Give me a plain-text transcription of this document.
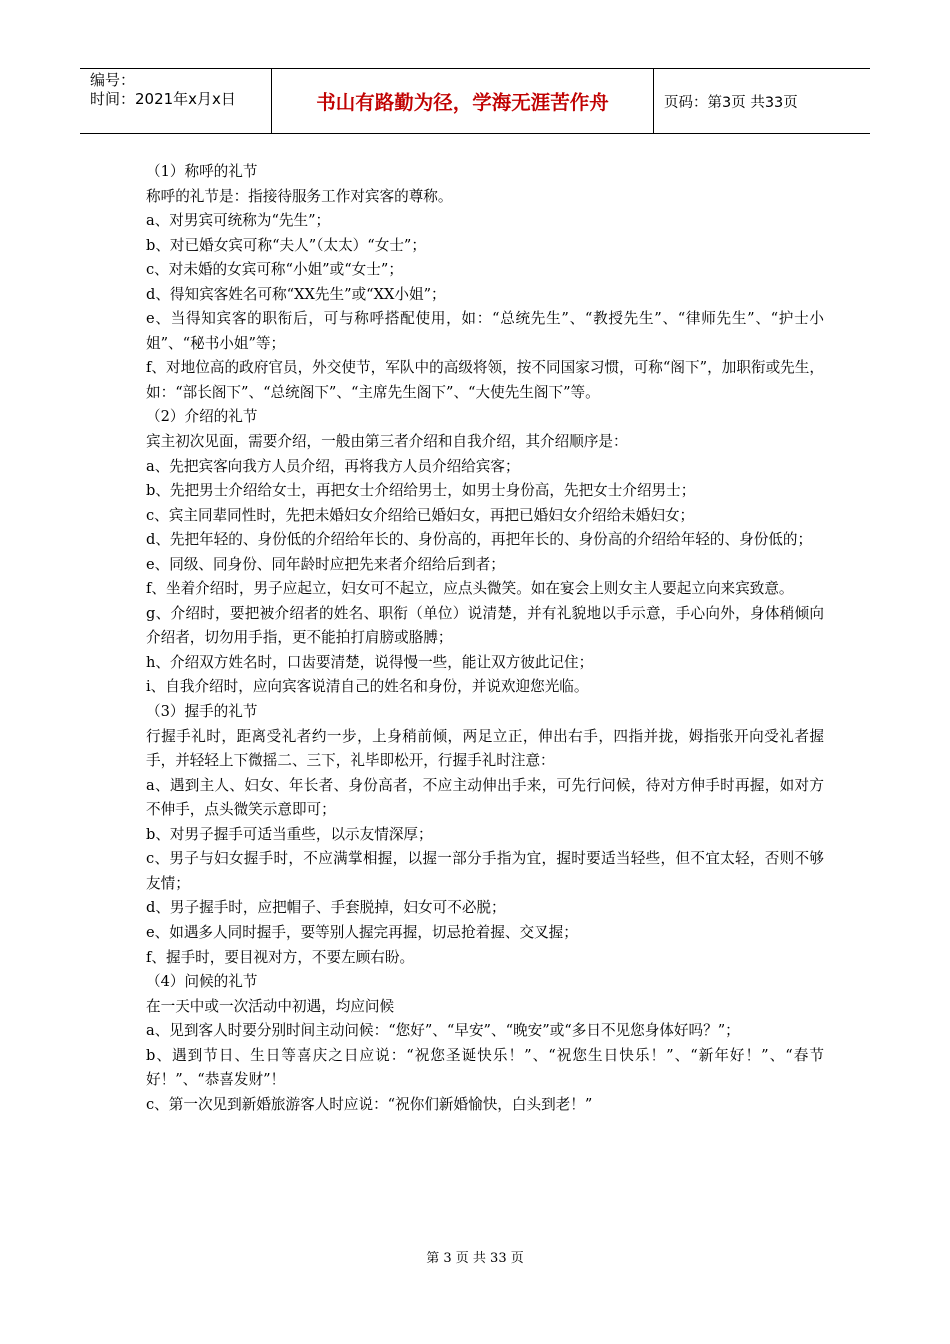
编号：
时间：2021年x月x日	书山有路勤为径，学海无涯苦作舟	页码：第3页 共33页

（1）称呼的礼节

称呼的礼节是：指接待服务工作对宾客的尊称。

a、对男宾可统称为“先生”；

b、对已婚女宾可称“夫人”（太太）“女士”；

c、对未婚的女宾可称“小姐”或“女士”；

d、得知宾客姓名可称“XX先生”或“XX小姐”；

e、当得知宾客的职衔后，可与称呼搭配使用，如：“总统先生”、“教授先生”、“律师先生”、“护士小姐”、“秘书小姐”等；

f、对地位高的政府官员，外交使节，军队中的高级将领，按不同国家习惯，可称“阁下”，加职衔或先生，如：“部长阁下”、“总统阁下”、“主席先生阁下”、“大使先生阁下”等。

（2）介绍的礼节

宾主初次见面，需要介绍，一般由第三者介绍和自我介绍，其介绍顺序是：

a、先把宾客向我方人员介绍，再将我方人员介绍给宾客；

b、先把男士介绍给女士，再把女士介绍给男士，如男士身份高，先把女士介绍男士；

c、宾主同辈同性时，先把未婚妇女介绍给已婚妇女，再把已婚妇女介绍给未婚妇女；

d、先把年轻的、身份低的介绍给年长的、身份高的，再把年长的、身份高的介绍给年轻的、身份低的；

e、同级、同身份、同年龄时应把先来者介绍给后到者；

f、坐着介绍时，男子应起立，妇女可不起立，应点头微笑。如在宴会上则女主人要起立向来宾致意。

g、介绍时，要把被介绍者的姓名、职衔（单位）说清楚，并有礼貌地以手示意，手心向外，身体稍倾向介绍者，切勿用手指，更不能拍打肩膀或胳膊；

h、介绍双方姓名时，口齿要清楚，说得慢一些，能让双方彼此记住；

i、自我介绍时，应向宾客说清自己的姓名和身份，并说欢迎您光临。

（3）握手的礼节

行握手礼时，距离受礼者约一步，上身稍前倾，两足立正，伸出右手，四指并拢，姆指张开向受礼者握手，并轻轻上下微摇二、三下，礼毕即松开，行握手礼时注意：

a、遇到主人、妇女、年长者、身份高者，不应主动伸出手来，可先行问候，待对方伸手时再握，如对方不伸手，点头微笑示意即可；

b、对男子握手可适当重些，以示友情深厚；

c、男子与妇女握手时，不应满掌相握，以握一部分手指为宜，握时要适当轻些，但不宜太轻，否则不够友情；

d、男子握手时，应把帽子、手套脱掉，妇女可不必脱；

e、如遇多人同时握手，要等别人握完再握，切忌抢着握、交叉握；

f、握手时，要目视对方，不要左顾右盼。

（4）问候的礼节

在一天中或一次活动中初遇，均应问候

a、见到客人时要分别时间主动问候：“您好”、“早安”、“晚安”或“多日不见您身体好吗？”；

b、遇到节日、生日等喜庆之日应说：“祝您圣诞快乐！”、“祝您生日快乐！”、“新年好！”、“春节好！”、“恭喜发财”！

c、第一次见到新婚旅游客人时应说：“祝你们新婚愉快，白头到老！”

第 3 页 共 33 页
